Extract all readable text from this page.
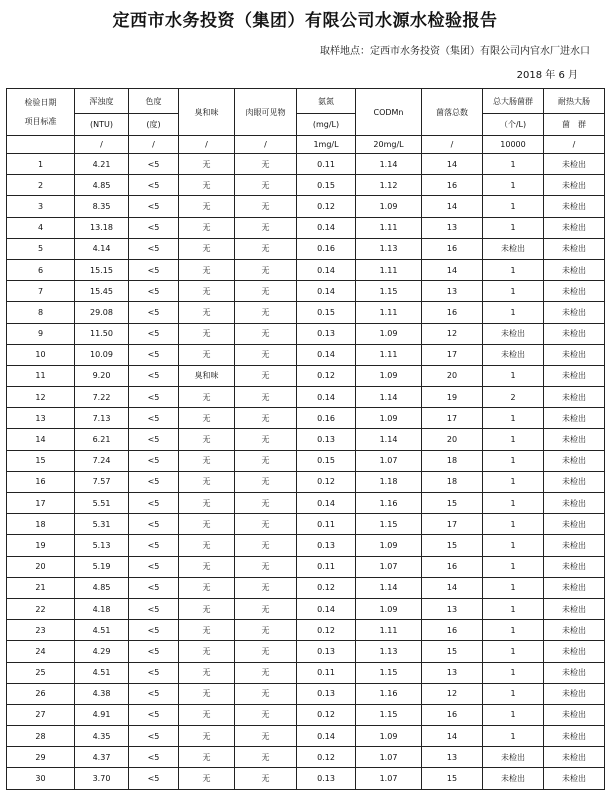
定西市水务投资（集团）有限公司水源水检验报告
取样地点：定西市水务投资（集团）有限公司内官水厂进水口
2018 年 6 月
检验日期
项目标准	浑浊度	色度	臭和味	肉眼可见物	氨氮	CODMn	菌落总数	总大肠菌群	耐热大肠

	(NTU)	(度)			(mg/L)			（个/L)	菌　群
	/	/	/	/	1mg/L	20mg/L	/	10000	/
1	4.21	<5	无	无	0.11	1.14	14	1	未检出
2	4.85	<5	无	无	0.15	1.12	16	1	未检出
3	8.35	<5	无	无	0.12	1.09	14	1	未检出
4	13.18	<5	无	无	0.14	1.11	13	1	未检出
5	4.14	<5	无	无	0.16	1.13	16	未检出	未检出
6	15.15	<5	无	无	0.14	1.11	14	1	未检出
7	15.45	<5	无	无	0.14	1.15	13	1	未检出
8	29.08	<5	无	无	0.15	1.11	16	1	未检出
9	11.50	<5	无	无	0.13	1.09	12	未检出	未检出
10	10.09	<5	无	无	0.14	1.11	17	未检出	未检出
11	9.20	<5	臭和味	无	0.12	1.09	20	1	未检出
12	7.22	<5	无	无	0.14	1.14	19	2	未检出
13	7.13	<5	无	无	0.16	1.09	17	1	未检出
14	6.21	<5	无	无	0.13	1.14	20	1	未检出
15	7.24	<5	无	无	0.15	1.07	18	1	未检出
16	7.57	<5	无	无	0.12	1.18	18	1	未检出
17	5.51	<5	无	无	0.14	1.16	15	1	未检出
18	5.31	<5	无	无	0.11	1.15	17	1	未检出
19	5.13	<5	无	无	0.13	1.09	15	1	未检出
20	5.19	<5	无	无	0.11	1.07	16	1	未检出
21	4.85	<5	无	无	0.12	1.14	14	1	未检出
22	4.18	<5	无	无	0.14	1.09	13	1	未检出
23	4.51	<5	无	无	0.12	1.11	16	1	未检出
24	4.29	<5	无	无	0.13	1.13	15	1	未检出
25	4.51	<5	无	无	0.11	1.15	13	1	未检出
26	4.38	<5	无	无	0.13	1.16	12	1	未检出
27	4.91	<5	无	无	0.12	1.15	16	1	未检出
28	4.35	<5	无	无	0.14	1.09	14	1	未检出
29	4.37	<5	无	无	0.12	1.07	13	未检出	未检出
30	3.70	<5	无	无	0.13	1.07	15	未检出	未检出
